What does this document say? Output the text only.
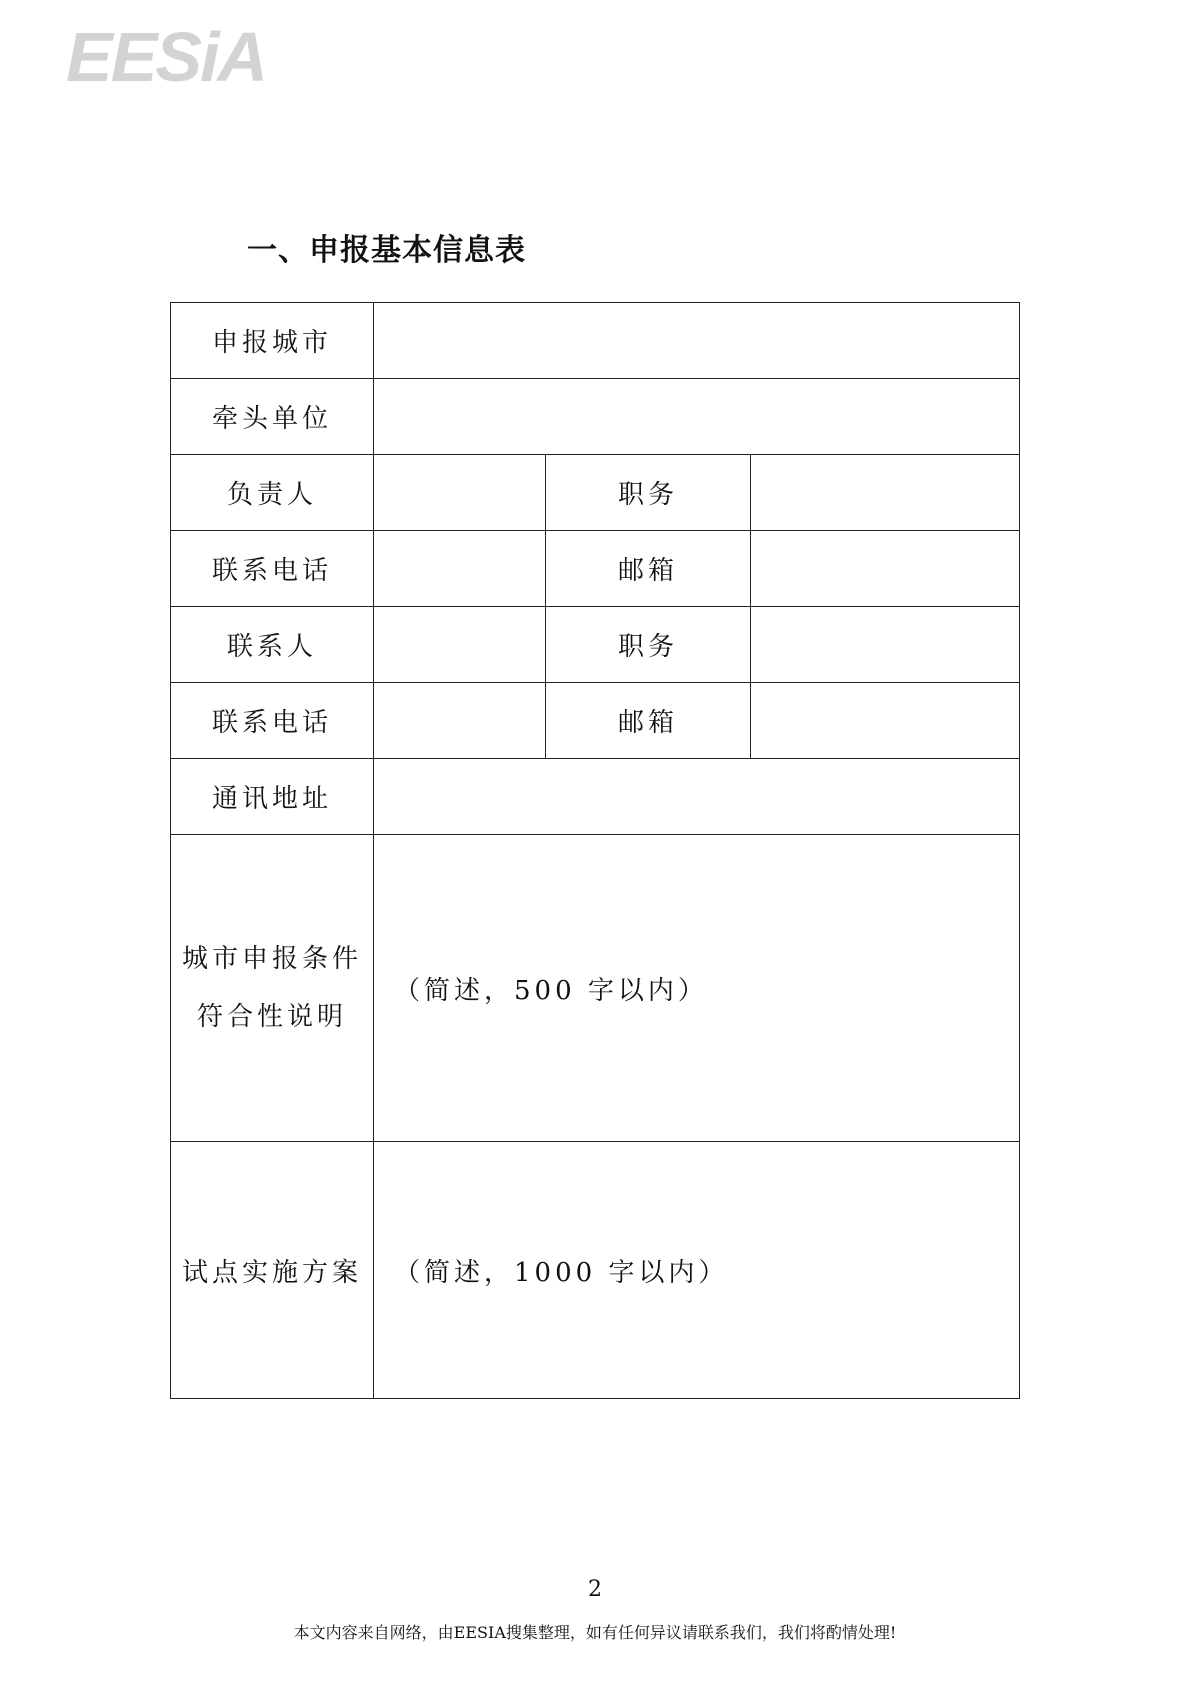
EESiA
一、申报基本信息表
申报城市			
牵头单位			
负责人		职务	
联系电话		邮箱	
联系人		职务	
联系电话		邮箱	
通讯地址			

城市申报条件
符合性说明	（简述，500 字以内）		
试点实施方案	（简述，1000 字以内）		
2
本文内容来自网络，由EESIA搜集整理，如有任何异议请联系我们，我们将酌情处理!
